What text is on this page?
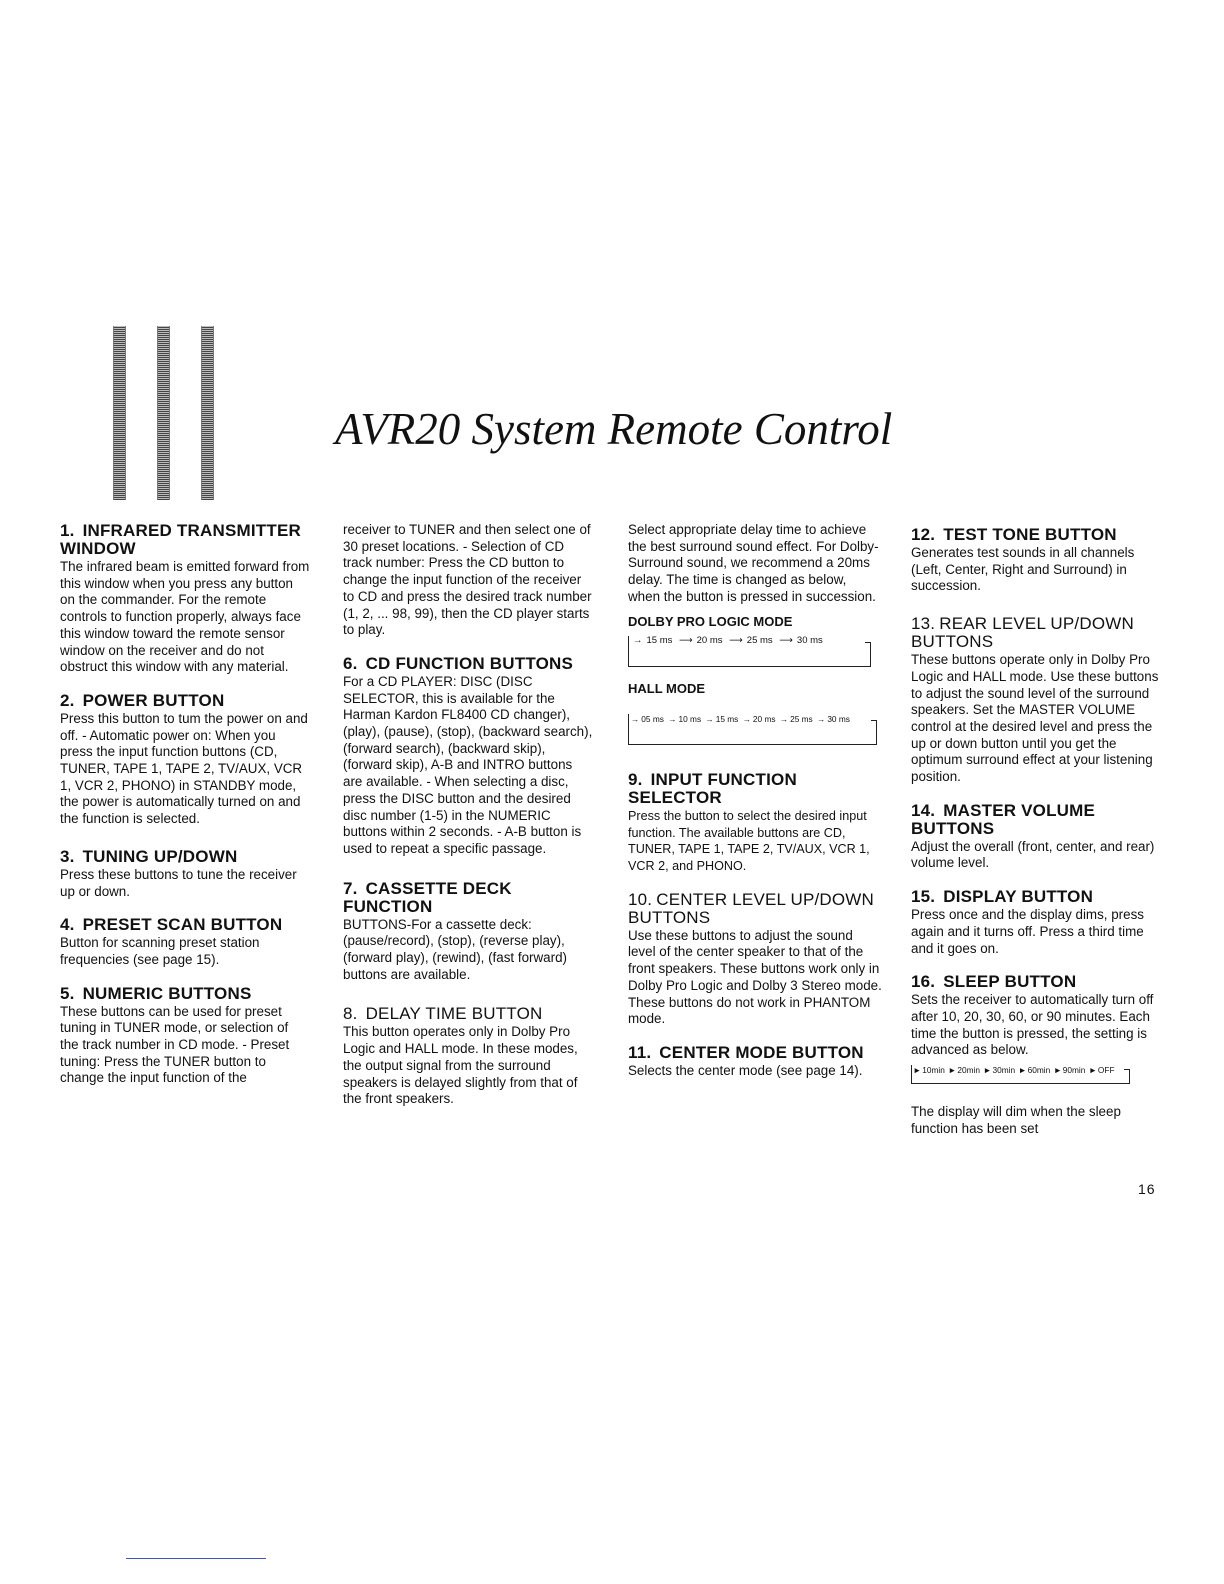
AVR20 System Remote Control
1. INFRARED TRANSMITTER WINDOW

The infrared beam is emitted forward from this window when you press any button on the commander. For the remote controls to function properly, always face this window toward the remote sensor window on the receiver and do not obstruct this window with any material.

2. POWER BUTTON

Press this button to tum the power on and off. - Automatic power on: When you press the input function buttons (CD, TUNER, TAPE 1, TAPE 2, TV/AUX, VCR 1, VCR 2, PHONO) in STANDBY mode, the power is automatically turned on and the function is selected.

3. TUNING UP/DOWN

Press these buttons to tune the receiver up or down.

4. PRESET SCAN BUTTON

Button for scanning preset station frequencies (see page 15).

5. NUMERIC BUTTONS

These buttons can be used for preset tuning in TUNER mode, or selection of the track number in CD mode. - Preset tuning: Press the TUNER button to change the input function of the

receiver to TUNER and then select one of 30 preset locations. - Selection of CD track number: Press the CD button to change the input function of the receiver to CD and press the desired track number (1, 2, ... 98, 99), then the CD player starts to play.

6. CD FUNCTION BUTTONS

For a CD PLAYER: DISC (DISC SELECTOR, this is available for the Harman Kardon FL8400 CD changer), (play), (pause), (stop), (backward search), (forward search), (backward skip), (forward skip), A-B and INTRO buttons are available. - When selecting a disc, press the DISC button and the desired disc number (1-5) in the NUMERIC buttons within 2 seconds. - A-B button is used to repeat a specific passage.

7. CASSETTE DECK FUNCTION

BUTTONS-For a cassette deck: (pause/record), (stop), (reverse play), (forward play), (rewind), (fast forward) buttons are available.

8. DELAY TIME BUTTON

This button operates only in Dolby Pro Logic and HALL mode. In these modes, the output signal from the surround speakers is delayed slightly from that of the front speakers.

Select appropriate delay time to achieve the best surround sound effect. For Dolby-Surround sound, we recommend a 20ms delay. The time is changed as below, when the button is pressed in succession.

DOLBY PRO LOGIC MODE
→ 15 ms ⟶ 20 ms ⟶ 25 ms ⟶ 30 ms
HALL MODE
→ 05 ms → 10 ms → 15 ms → 20 ms → 25 ms → 30 ms
9. INPUT FUNCTION SELECTOR

Press the button to select the desired input function. The available buttons are CD, TUNER, TAPE 1, TAPE 2, TV/AUX, VCR 1, VCR 2, and PHONO.

10. CENTER LEVEL UP/DOWN BUTTONS

Use these buttons to adjust the sound level of the center speaker to that of the front speakers. These buttons work only in Dolby Pro Logic and Dolby 3 Stereo mode. These buttons do not work in PHANTOM mode.

11. CENTER MODE BUTTON

Selects the center mode (see page 14).

12. TEST TONE BUTTON

Generates test sounds in all channels (Left, Center, Right and Surround) in succession.

13. REAR LEVEL UP/DOWN BUTTONS

These buttons operate only in Dolby Pro Logic and HALL mode. Use these buttons to adjust the sound level of the surround speakers. Set the MASTER VOLUME control at the desired level and press the up or down button until you get the optimum surround effect at your listening position.

14. MASTER VOLUME BUTTONS

Adjust the overall (front, center, and rear) volume level.

15. DISPLAY BUTTON

Press once and the display dims, press again and it turns off. Press a third time and it goes on.

16. SLEEP BUTTON

Sets the receiver to automatically turn off after 10, 20, 30, 60, or 90 minutes. Each time the button is pressed, the setting is advanced as below.

►10min ►20min ►30min ►60min ►90min ►OFF

The display will dim when the sleep function has been set

16
